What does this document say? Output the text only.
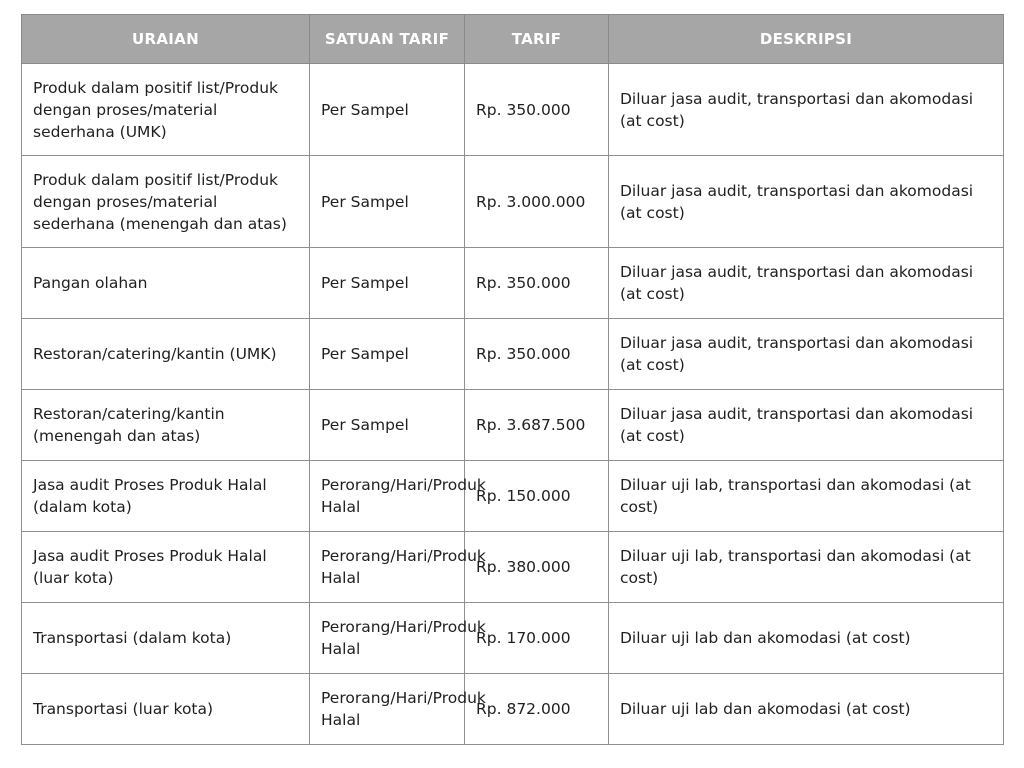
URAIAN	SATUAN TARIF	TARIF	DESKRIPSI
Produk dalam positif list/Produk dengan proses/material sederhana (UMK)	Per Sampel	Rp. 350.000	Diluar jasa audit, transportasi dan akomodasi (at cost)
Produk dalam positif list/Produk dengan proses/material sederhana (menengah dan atas)	Per Sampel	Rp. 3.000.000	Diluar jasa audit, transportasi dan akomodasi (at cost)
Pangan olahan	Per Sampel	Rp. 350.000	Diluar jasa audit, transportasi dan akomodasi (at cost)
Restoran/catering/kantin (UMK)	Per Sampel	Rp. 350.000	Diluar jasa audit, transportasi dan akomodasi (at cost)
Restoran/catering/kantin (menengah dan atas)	Per Sampel	Rp. 3.687.500	Diluar jasa audit, transportasi dan akomodasi (at cost)
Jasa audit Proses Produk Halal (dalam kota)	Perorang/Hari/Produk Halal	Rp. 150.000	Diluar uji lab, transportasi dan akomodasi (at cost)
Jasa audit Proses Produk Halal (luar kota)	Perorang/Hari/Produk Halal	Rp. 380.000	Diluar uji lab, transportasi dan akomodasi (at cost)
Transportasi (dalam kota)	Perorang/Hari/Produk Halal	Rp. 170.000	Diluar uji lab dan akomodasi (at cost)
Transportasi (luar kota)	Perorang/Hari/Produk Halal	Rp. 872.000	Diluar uji lab dan akomodasi (at cost)
